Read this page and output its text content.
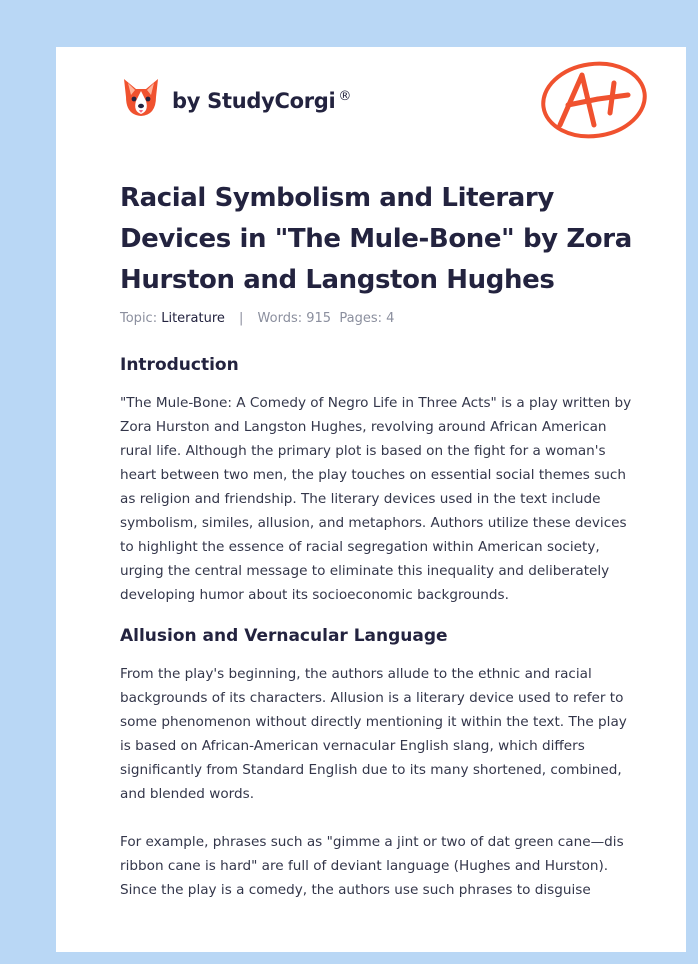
by StudyCorgi ®
Racial Symbolism and Literary Devices in "The Mule-Bone" by Zora Hurston and Langston Hughes
Topic: Literature | Words: 915 Pages: 4
Introduction

"The Mule-Bone: A Comedy of Negro Life in Three Acts" is a play written by Zora Hurston and Langston Hughes, revolving around African American rural life. Although the primary plot is based on the fight for a woman's heart between two men, the play touches on essential social themes such as religion and friendship. The literary devices used in the text include symbolism, similes, allusion, and metaphors. Authors utilize these devices to highlight the essence of racial segregation within American society, urging the central message to eliminate this inequality and deliberately developing humor about its socioeconomic backgrounds.

Allusion and Vernacular Language

From the play's beginning, the authors allude to the ethnic and racial backgrounds of its characters. Allusion is a literary device used to refer to some phenomenon without directly mentioning it within the text. The play is based on African-American vernacular English slang, which differs significantly from Standard English due to its many shortened, combined, and blended words.

For example, phrases such as "gimme a jint or two of dat green cane—dis ribbon cane is hard" are full of deviant language (Hughes and Hurston). Since the play is a comedy, the authors use such phrases to disguise
